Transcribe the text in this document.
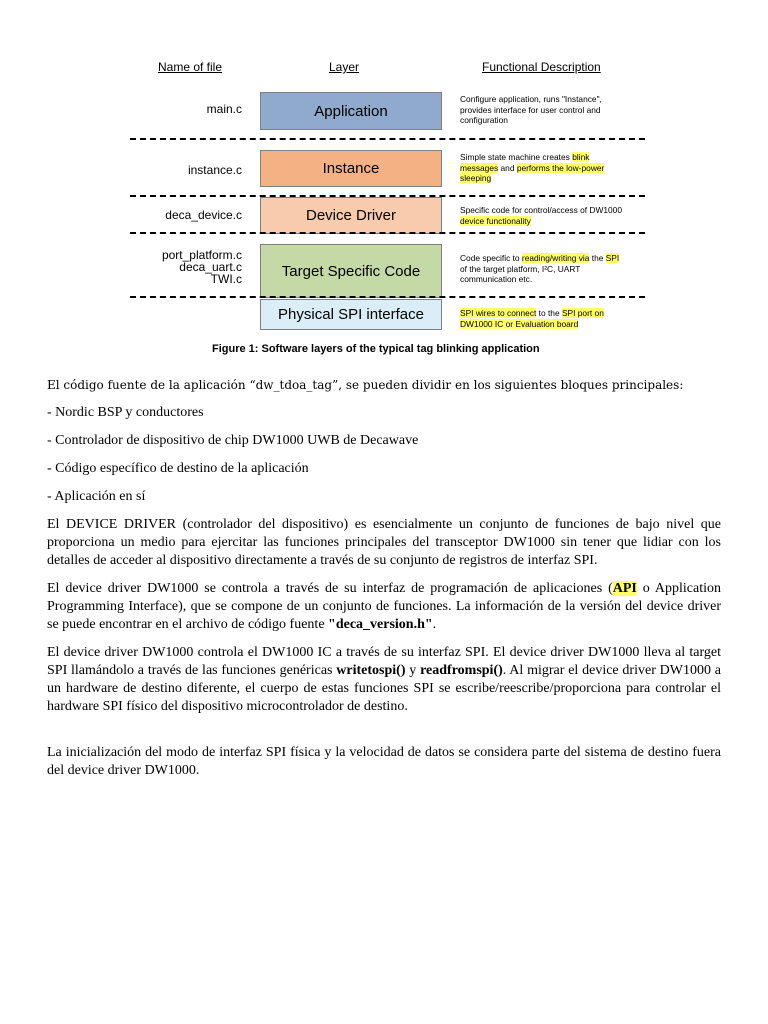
Name of file	Layer	Functional Description
main.c
instance.c
deca_device.c
port_platform.c
deca_uart.c
TWI.c
Application
Instance
Device Driver
Target Specific Code
Physical SPI interface
Configure application, runs "Instance", provides interface for user control and configuration
Simple state machine creates blink messages and performs the low-power sleeping
Specific code for control/access of DW1000 device functionality
Code specific to reading/writing via the SPI of the target platform, I²C, UART communication etc.
SPI wires to connect to the SPI port on DW1000 IC or Evaluation board
Figure 1: Software layers of the typical tag blinking application
El código fuente de la aplicación “dw_tdoa_tag”, se pueden dividir en los siguientes bloques principales:
- Nordic BSP y conductores
- Controlador de dispositivo de chip DW1000 UWB de Decawave
- Código específico de destino de la aplicación
- Aplicación en sí
El DEVICE DRIVER (controlador del dispositivo) es esencialmente un conjunto de funciones de bajo nivel que proporciona un medio para ejercitar las funciones principales del transceptor DW1000 sin tener que lidiar con los detalles de acceder al dispositivo directamente a través de su conjunto de registros de interfaz SPI.
El device driver DW1000 se controla a través de su interfaz de programación de aplicaciones (API o Application Programming Interface), que se compone de un conjunto de funciones. La información de la versión del device driver se puede encontrar en el archivo de código fuente "deca_version.h".
El device driver DW1000 controla el DW1000 IC a través de su interfaz SPI. El device driver DW1000 lleva al target SPI llamándolo a través de las funciones genéricas writetospi() y readfromspi(). Al migrar el device driver DW1000 a un hardware de destino diferente, el cuerpo de estas funciones SPI se escribe/reescribe/proporciona para controlar el hardware SPI físico del dispositivo microcontrolador de destino.
La inicialización del modo de interfaz SPI física y la velocidad de datos se considera parte del sistema de destino fuera del device driver DW1000.
